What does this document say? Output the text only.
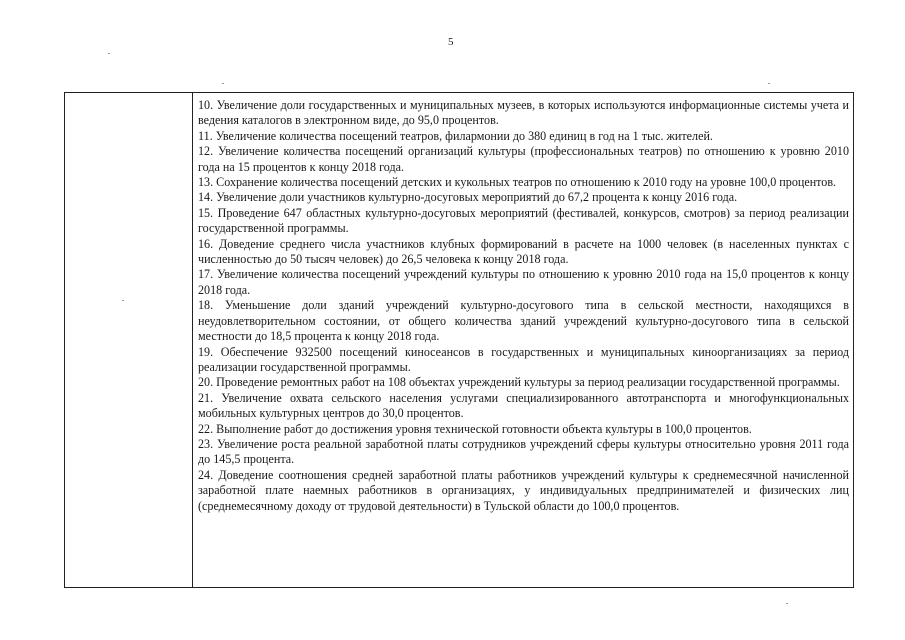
5

10. Увеличение доли государственных и муниципальных музеев, в которых используются информационные системы учета и ведения каталогов в электронном виде, до 95,0 процентов.

11. Увеличение количества посещений театров, филармонии до 380 единиц в год на 1 тыс. жителей.

12. Увеличение количества посещений организаций культуры (профессиональных театров) по отношению к уровню 2010 года на 15 процентов к концу 2018 года.

13. Сохранение количества посещений детских и кукольных театров по отношению к 2010 году на уровне 100,0 процентов.

14. Увеличение доли участников культурно-досуговых мероприятий до 67,2 процента к концу 2016 года.

15. Проведение 647 областных культурно-досуговых мероприятий (фестивалей, конкурсов, смотров) за период реализации государственной программы.

16. Доведение среднего числа участников клубных формирований в расчете на 1000 человек (в населенных пунктах с численностью до 50 тысяч человек) до 26,5 человека к концу 2018 года.

17. Увеличение количества посещений учреждений культуры по отношению к уровню 2010 года на 15,0 процентов к концу 2018 года.

18. Уменьшение доли зданий учреждений культурно-досугового типа в сельской местности, находящихся в неудовлетворительном состоянии, от общего количества зданий учреждений культурно-досугового типа в сельской местности до 18,5 процента к концу 2018 года.

19. Обеспечение 932500 посещений киносеансов в государственных и муниципальных киноорганизациях за период реализации государственной программы.

20. Проведение ремонтных работ на 108 объектах учреждений культуры за период реализации государственной программы.

21. Увеличение охвата сельского населения услугами специализированного автотранспорта и многофункциональных мобильных культурных центров до 30,0 процентов.

22. Выполнение работ до достижения уровня технической готовности объекта культуры в 100,0 процентов.

23. Увеличение роста реальной заработной платы сотрудников учреждений сферы культуры относительно уровня 2011 года до 145,5 процента.

24. Доведение соотношения средней заработной платы работников учреждений культуры к среднемесячной начисленной заработной плате наемных работников в организациях, у индивидуальных предпринимателей и физических лиц (среднемесячному доходу от трудовой деятельности) в Тульской области до 100,0 процентов.
